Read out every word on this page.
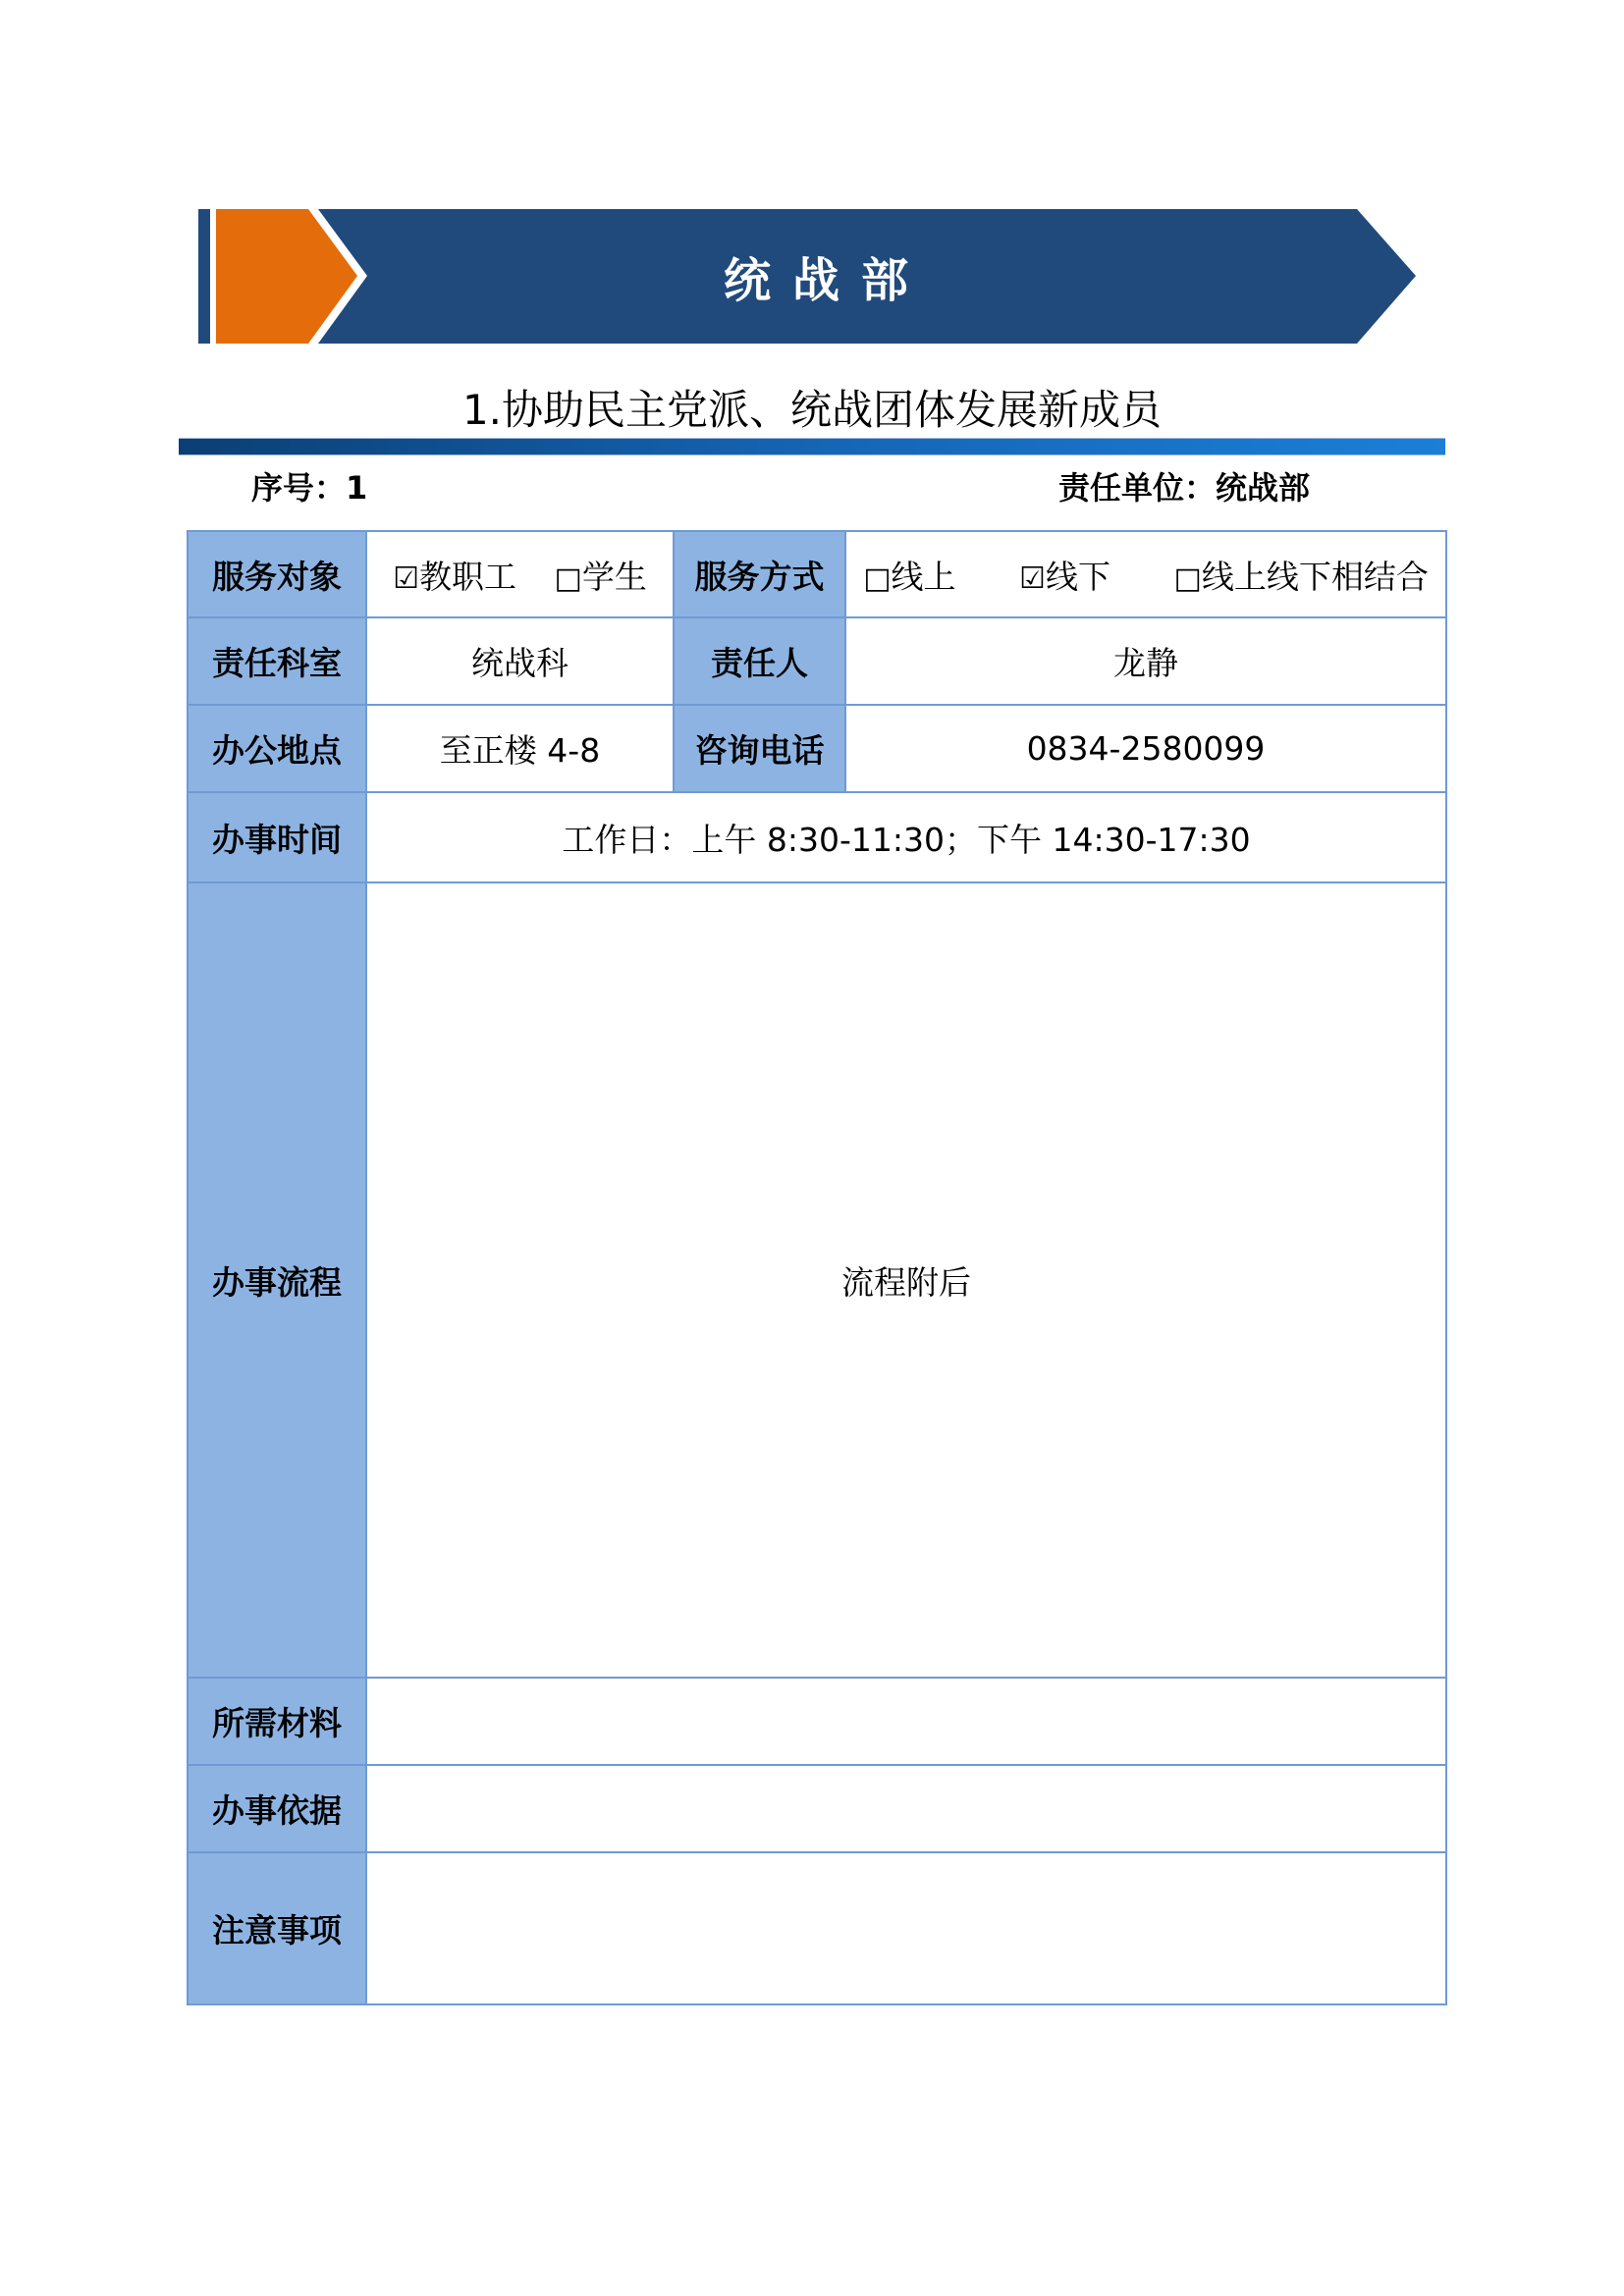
统战部
1.协助民主党派、统战团体发展新成员
序号：1	责任单位：统战部
服务对象	☑教职工 □学生	服务方式	□线上 ☑线下 □线上线下相结合
责任科室	统战科	责任人	龙静
办公地点	至正楼 4-8	咨询电话	0834-2580099
办事时间	工作日：上午 8:30-11:30；下午 14:30-17:30		
办事流程	流程附后		
所需材料			
办事依据			
注意事项			
